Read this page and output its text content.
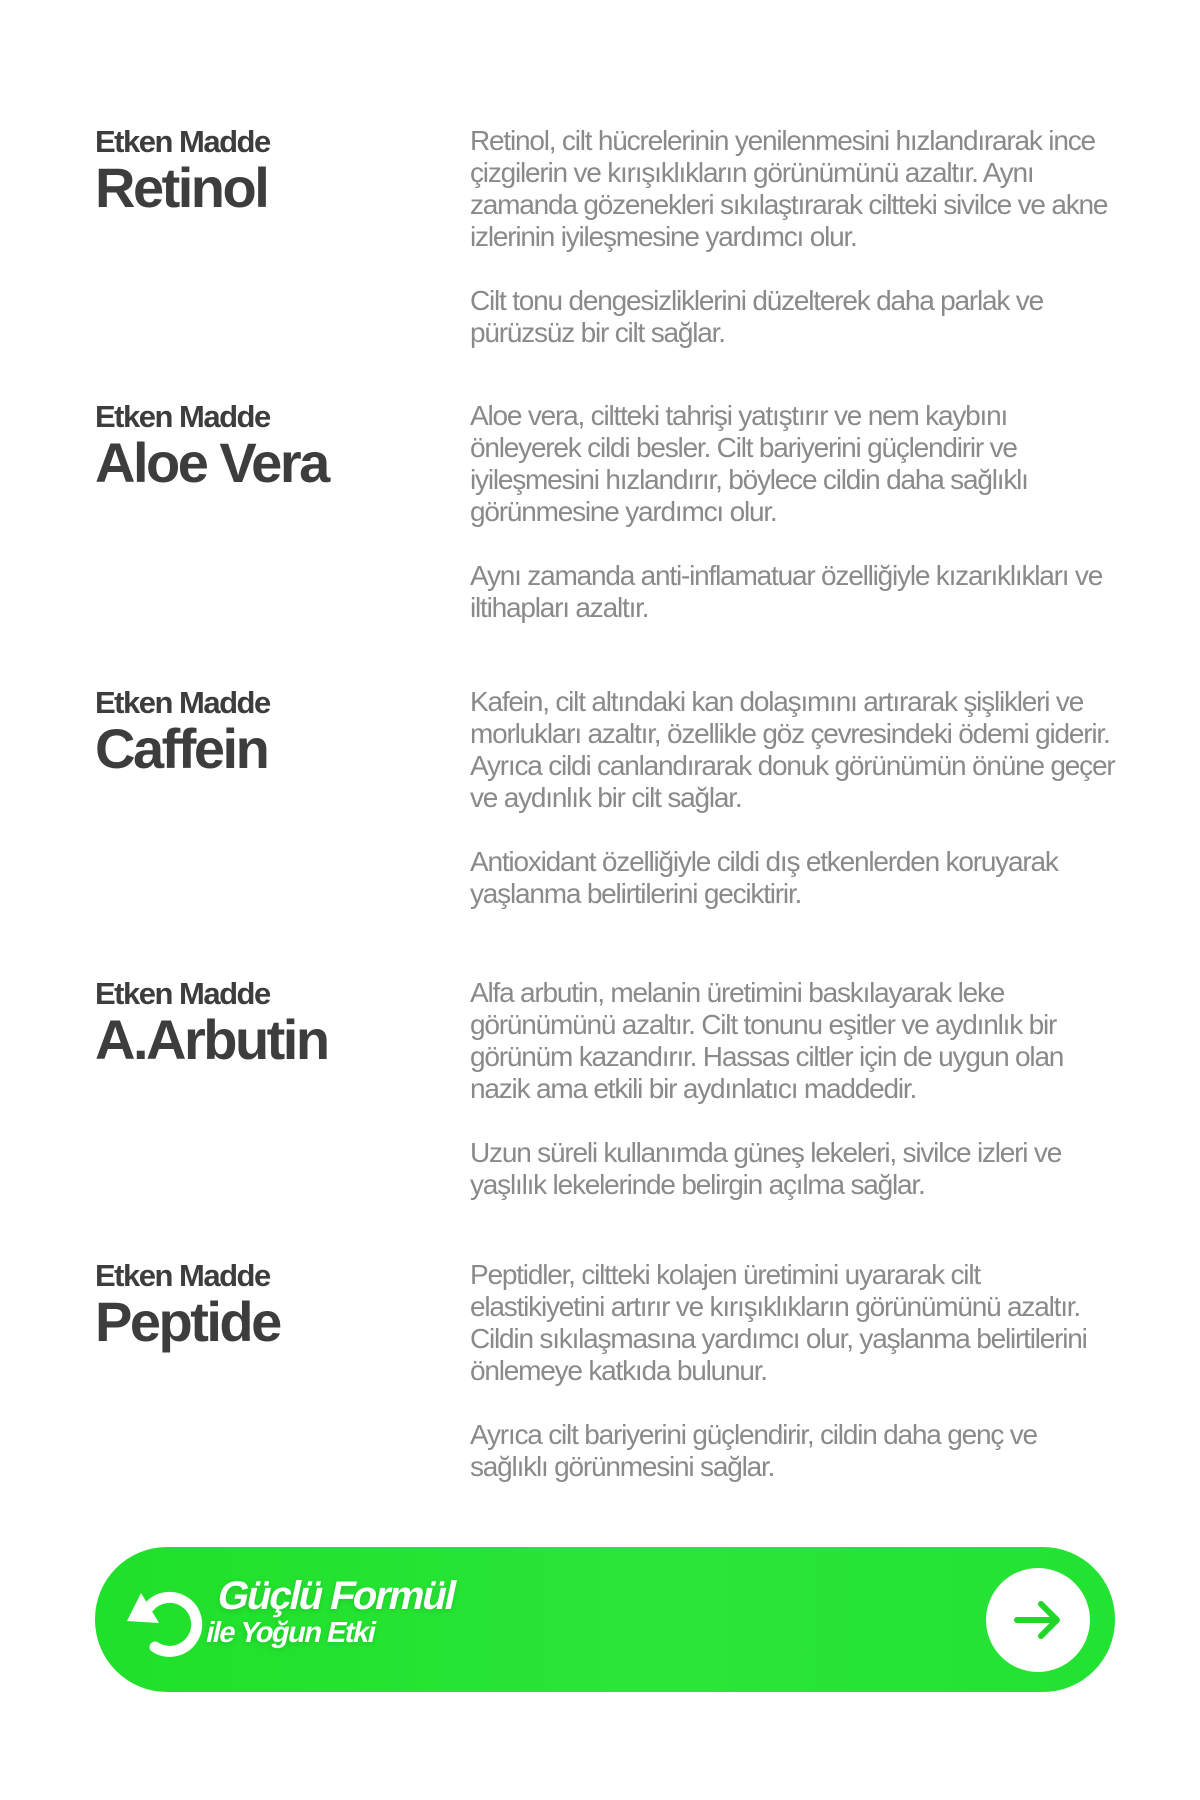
Etken Madde
Retinol

Retinol, cilt hücrelerinin yenilenmesini hızlandırarak ince çizgilerin ve kırışıklıkların görünümünü azaltır. Aynı zamanda gözenekleri sıkılaştırarak ciltteki sivilce ve akne izlerinin iyileşmesine yardımcı olur.

Cilt tonu dengesizliklerini düzelterek daha parlak ve pürüzsüz bir cilt sağlar.

Etken Madde
Aloe Vera

Aloe vera, ciltteki tahrişi yatıştırır ve nem kaybını önleyerek cildi besler. Cilt bariyerini güçlendirir ve iyileşmesini hızlandırır, böylece cildin daha sağlıklı görünmesine yardımcı olur.

Aynı zamanda anti-inflamatuar özelliğiyle kızarıklıkları ve iltihapları azaltır.

Etken Madde
Caffein

Kafein, cilt altındaki kan dolaşımını artırarak şişlikleri ve morlukları azaltır, özellikle göz çevresindeki ödemi giderir. Ayrıca cildi canlandırarak donuk görünümün önüne geçer ve aydınlık bir cilt sağlar.

Antioxidant özelliğiyle cildi dış etkenlerden koruyarak yaşlanma belirtilerini geciktirir.

Etken Madde
A.Arbutin

Alfa arbutin, melanin üretimini baskılayarak leke görünümünü azaltır. Cilt tonunu eşitler ve aydınlık bir görünüm kazandırır. Hassas ciltler için de uygun olan nazik ama etkili bir aydınlatıcı maddedir.

Uzun süreli kullanımda güneş lekeleri, sivilce izleri ve yaşlılık lekelerinde belirgin açılma sağlar.

Etken Madde
Peptide

Peptidler, ciltteki kolajen üretimini uyararak cilt elastikiyetini artırır ve kırışıklıkların görünümünü azaltır. Cildin sıkılaşmasına yardımcı olur, yaşlanma belirtilerini önlemeye katkıda bulunur.

Ayrıca cilt bariyerini güçlendirir, cildin daha genç ve sağlıklı görünmesini sağlar.

Güçlü Formül
ile Yoğun Etki
